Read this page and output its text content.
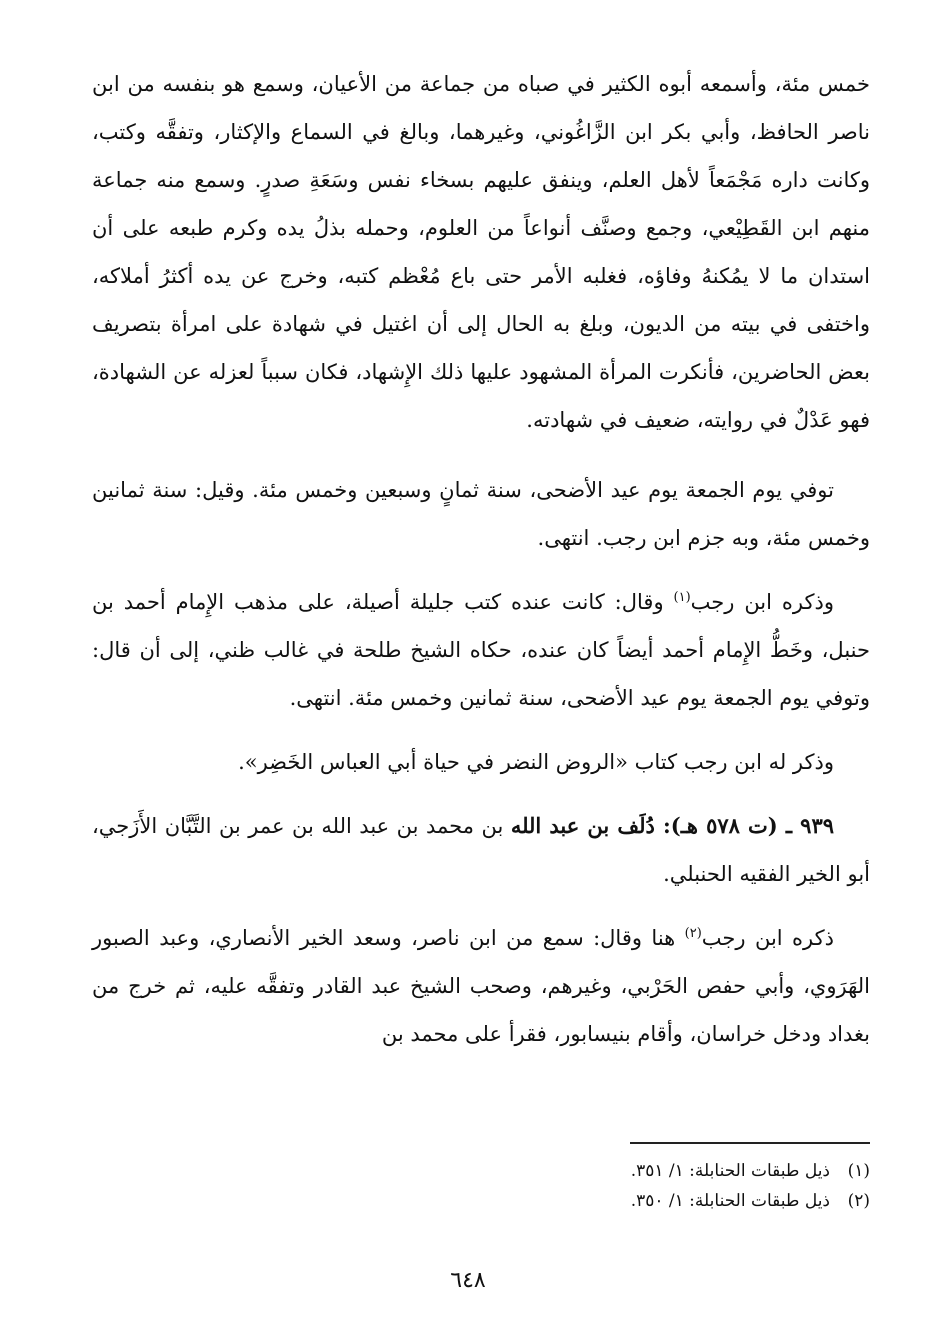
خمس مئة، وأسمعه أبوه الكثير في صباه من جماعة من الأعيان، وسمع هو بنفسه من ابن ناصر الحافظ، وأبي بكر ابن الزَّاغُوني، وغيرهما، وبالغ في السماع والإكثار، وتفقَّه وكتب، وكانت داره مَجْمَعاً لأهل العلم، وينفق عليهم بسخاء نفس وسَعَةِ صدرٍ. وسمع منه جماعة منهم ابن القَطِيْعي، وجمع وصنَّف أنواعاً من العلوم، وحمله بذلُ يده وكرم طبعه على أن استدان ما لا يمُكنهُ وفاؤه، فغلبه الأمر حتى باع مُعْظم كتبه، وخرج عن يده أكثرُ أملاكه، واختفى في بيته من الديون، وبلغ به الحال إلى أن اغتيل في شهادة على امرأة بتصريف بعض الحاضرين، فأنكرت المرأة المشهود عليها ذلك الإِشهاد، فكان سبباً لعزله عن الشهادة، فهو عَدْلٌ في روايته، ضعيف في شهادته.

توفي يوم الجمعة يوم عيد الأضحى، سنة ثمانٍ وسبعين وخمس مئة. وقيل: سنة ثمانين وخمس مئة، وبه جزم ابن رجب. انتهى.

وذكره ابن رجب$^{(١)}$ وقال: كانت عنده كتب جليلة أصيلة، على مذهب الإِمام أحمد بن حنبل، وخَطُّ الإِمام أحمد أيضاً كان عنده، حكاه الشيخ طلحة في غالب ظني، إلى أن قال: وتوفي يوم الجمعة يوم عيد الأضحى، سنة ثمانين وخمس مئة. انتهى.

وذكر له ابن رجب كتاب «الروض النضر في حياة أبي العباس الخَضِر».

٩٣٩ ـ (ت ٥٧٨ هـ): دُلَف بن عبد الله بن محمد بن عبد الله بن عمر بن التَّبَّان الأَزَجي، أبو الخير الفقيه الحنبلي.

ذكره ابن رجب$^{(٢)}$ هنا وقال: سمع من ابن ناصر، وسعد الخير الأنصاري، وعبد الصبور الهَرَوي، وأبي حفص الحَرْبي، وغيرهم، وصحب الشيخ عبد القادر وتفقَّه عليه، ثم خرج من بغداد ودخل خراسان، وأقام بنيسابور، فقرأ على محمد بن

(١)ذيل طبقات الحنابلة: ١/ ٣٥١.

(٢)ذيل طبقات الحنابلة: ١/ ٣٥٠.

٦٤٨
